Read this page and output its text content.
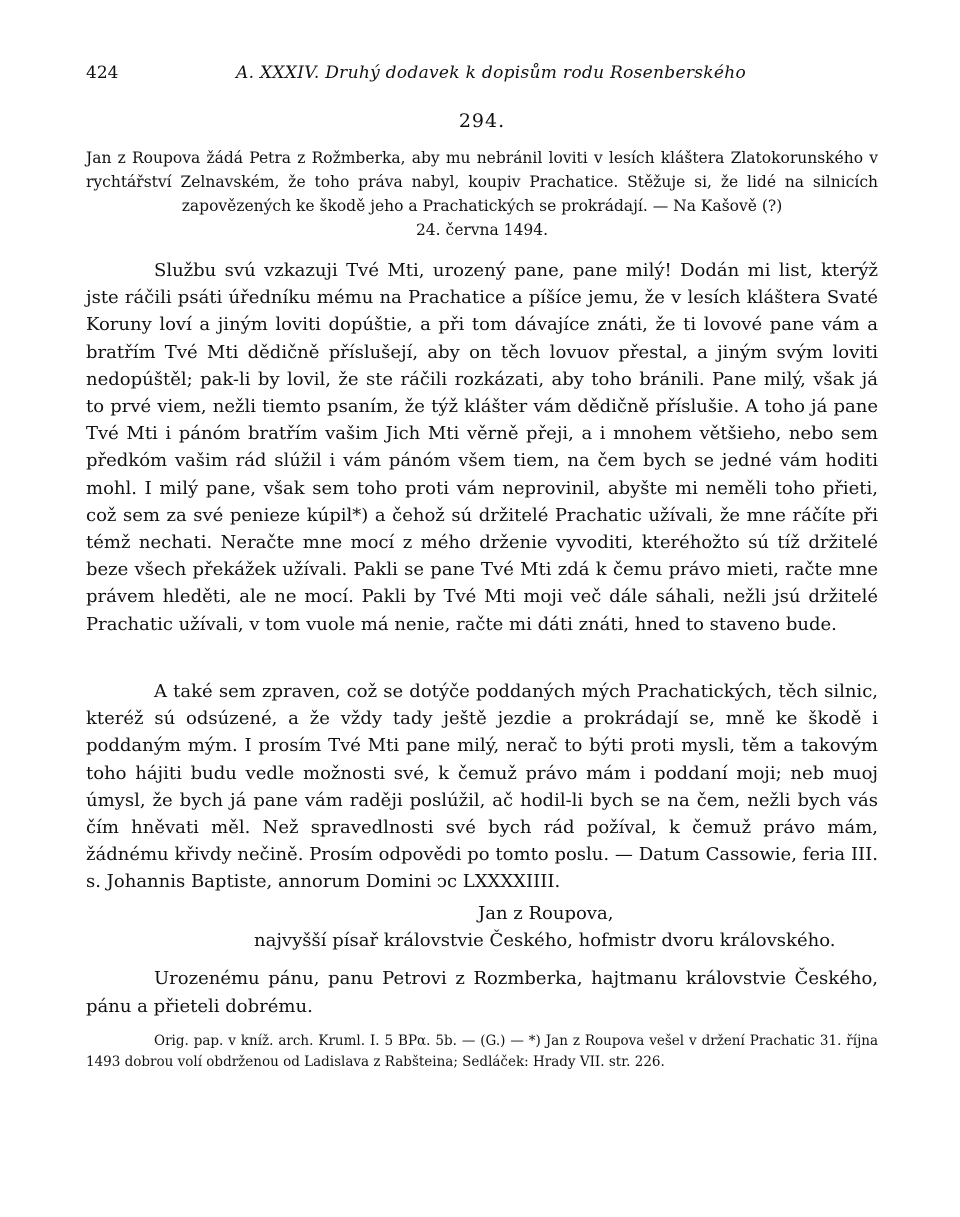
424	A. XXXIV. Druhý dodavek k dopisům rodu Rosenberského
294.
Jan z Roupova žádá Petra z Rožmberka, aby mu nebránil loviti v lesích kláštera Zlatokorunského v rychtářství Zelnavském, že toho práva nabyl, koupiv Prachatice. Stěžuje si, že lidé na silnicích zapovězených ke škodě jeho a Prachatických se prokrádají. — Na Kašově (?)
24. června 1494.

Službu svú vzkazuji Tvé Mti, urozený pane, pane milý! Dodán mi list, kterýž jste ráčili psáti úředníku mému na Prachatice a píšíce jemu, že v lesích kláštera Svaté Koruny loví a jiným loviti dopúštie, a při tom dávajíce znáti, že ti lovové pane vám a bratřím Tvé Mti dědičně příslušejí, aby on těch lovuov přestal, a jiným svým loviti nedopúštěl; pak-li by lovil, že ste ráčili rozkázati, aby toho bránili. Pane milý, však já to prvé viem, nežli tiemto psaním, že týž klášter vám dědičně příslušie. A toho já pane Tvé Mti i pánóm bratřím vašim Jich Mti věrně přeji, a i mnohem většieho, nebo sem předkóm vašim rád slúžil i vám pánóm všem tiem, na čem bych se jedné vám hoditi mohl. I milý pane, však sem toho proti vám neprovinil, abyšte mi neměli toho přieti, což sem za své penieze kúpil*) a čehož sú držitelé Prachatic užívali, že mne ráčíte při témž nechati. Neračte mne mocí z mého drženie vyvoditi, kteréhožto sú tíž držitelé beze všech překážek užívali. Pakli se pane Tvé Mti zdá k čemu právo mieti, račte mne právem hleděti, ale ne mocí. Pakli by Tvé Mti moji več dále sáhali, nežli jsú držitelé Prachatic užívali, v tom vuole má nenie, račte mi dáti znáti, hned to staveno bude.

A také sem zpraven, což se dotýče poddaných mých Prachatických, těch silnic, kteréž sú odsúzené, a že vždy tady ještě jezdie a prokrádají se, mně ke škodě i poddaným mým. I prosím Tvé Mti pane milý, nerač to býti proti mysli, těm a takovým toho hájiti budu vedle možnosti své, k čemuž právo mám i poddaní moji; neb muoj úmysl, že bych já pane vám raději poslúžil, ač hodil-li bych se na čem, nežli bych vás čím hněvati měl. Než spravedlnosti své bych rád požíval, k čemuž právo mám, žádnému křivdy nečině. Prosím odpovědi po tomto poslu. — Datum Cassowie, feria III. s. Johannis Baptiste, annorum Domini ↄc LXXXXIIII.

Jan z Roupova,
najvyšší písař královstvie Českého, hofmistr dvoru královského.

Urozenému pánu, panu Petrovi z Rozmberka, hajtmanu královstvie Českého, pánu a přieteli dobrému.

Orig. pap. v kníž. arch. Kruml. I. 5 BPα. 5b. — (G.) — *) Jan z Roupova vešel v držení Prachatic 31. října 1493 dobrou volí obdrženou od Ladislava z Rabšteina; Sedláček: Hrady VII. str. 226.
